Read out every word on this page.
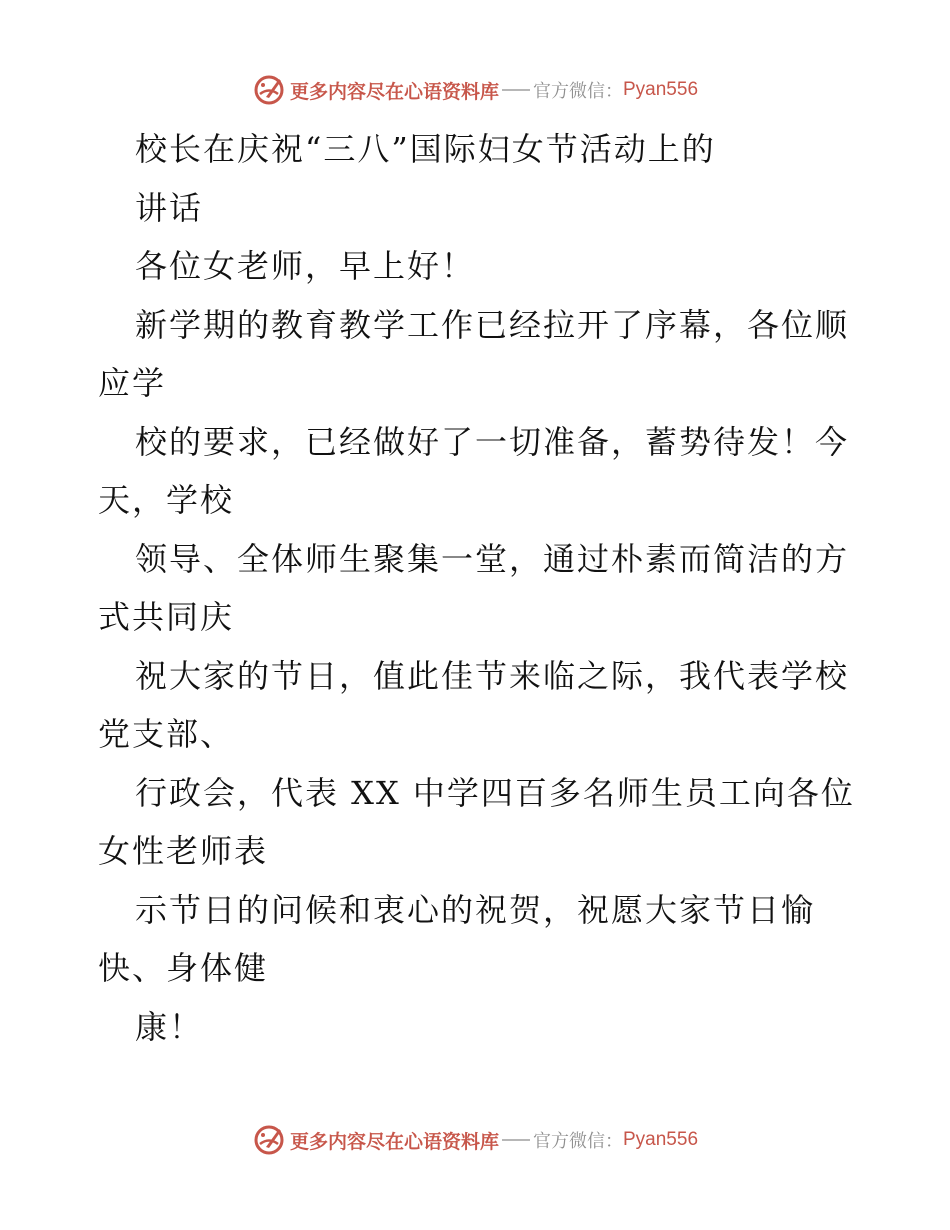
更多内容尽在心语资料库 官方微信： Pyan556
校长在庆祝“三八”国际妇女节活动上的
讲话
各位女老师，早上好！
新学期的教育教学工作已经拉开了序幕，各位顺
应学
校的要求，已经做好了一切准备，蓄势待发！今
天，学校
领导、全体师生聚集一堂，通过朴素而简洁的方
式共同庆
祝大家的节日，值此佳节来临之际，我代表学校
党支部、
行政会，代表 XX 中学四百多名师生员工向各位
女性老师表
示节日的问候和衷心的祝贺，祝愿大家节日愉
快、身体健
康！
更多内容尽在心语资料库 官方微信： Pyan556
